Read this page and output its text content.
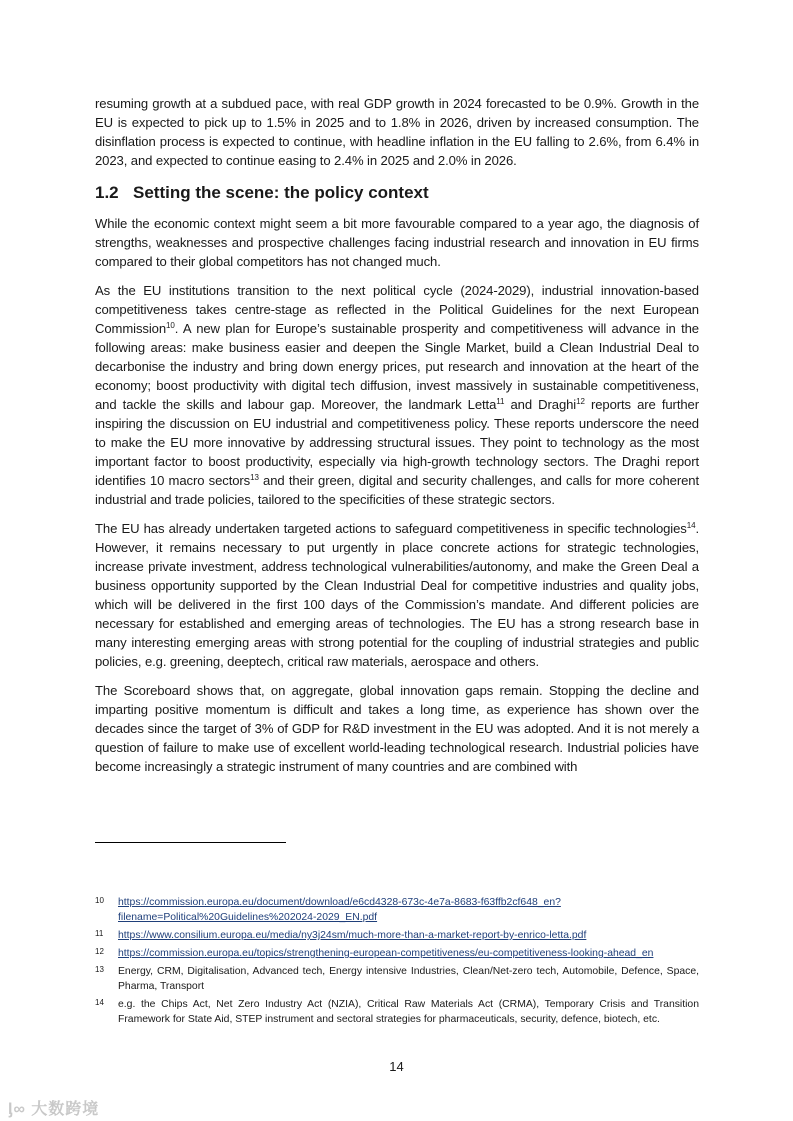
resuming growth at a subdued pace, with real GDP growth in 2024 forecasted to be 0.9%. Growth in the EU is expected to pick up to 1.5% in 2025 and to 1.8% in 2026, driven by increased consumption. The disinflation process is expected to continue, with headline inflation in the EU falling to 2.6%, from 6.4% in 2023, and expected to continue easing to 2.4% in 2025 and 2.0% in 2026.

1.2 Setting the scene: the policy context

While the economic context might seem a bit more favourable compared to a year ago, the diagnosis of strengths, weaknesses and prospective challenges facing industrial research and innovation in EU firms compared to their global competitors has not changed much.

As the EU institutions transition to the next political cycle (2024-2029), industrial innovation-based competitiveness takes centre-stage as reflected in the Political Guidelines for the next European Commission$^{10}$. A new plan for Europe’s sustainable prosperity and competitiveness will advance in the following areas: make business easier and deepen the Single Market, build a Clean Industrial Deal to decarbonise the industry and bring down energy prices, put research and innovation at the heart of the economy; boost productivity with digital tech diffusion, invest massively in sustainable competitiveness, and tackle the skills and labour gap. Moreover, the landmark Letta$^{11}$ and Draghi$^{12}$ reports are further inspiring the discussion on EU industrial and competitiveness policy. These reports underscore the need to make the EU more innovative by addressing structural issues. They point to technology as the most important factor to boost productivity, especially via high-growth technology sectors. The Draghi report identifies 10 macro sectors$^{13}$ and their green, digital and security challenges, and calls for more coherent industrial and trade policies, tailored to the specificities of these strategic sectors.

The EU has already undertaken targeted actions to safeguard competitiveness in specific technologies$^{14}$. However, it remains necessary to put urgently in place concrete actions for strategic technologies, increase private investment, address technological vulnerabilities/autonomy, and make the Green Deal a business opportunity supported by the Clean Industrial Deal for competitive industries and quality jobs, which will be delivered in the first 100 days of the Commission’s mandate. And different policies are necessary for established and emerging areas of technologies. The EU has a strong research base in many interesting emerging areas with strong potential for the coupling of industrial strategies and public policies, e.g. greening, deeptech, critical raw materials, aerospace and others.

The Scoreboard shows that, on aggregate, global innovation gaps remain. Stopping the decline and imparting positive momentum is difficult and takes a long time, as experience has shown over the decades since the target of 3% of GDP for R&D investment in the EU was adopted. And it is not merely a question of failure to make use of excellent world-leading technological research. Industrial policies have become increasingly a strategic instrument of many countries and are combined with

10	https://commission.europa.eu/document/download/e6cd4328-673c-4e7a-8683-f63ffb2cf648_en?filename=Political%20Guidelines%202024-2029_EN.pdf
11	https://www.consilium.europa.eu/media/ny3j24sm/much-more-than-a-market-report-by-enrico-letta.pdf
12	https://commission.europa.eu/topics/strengthening-european-competitiveness/eu-competitiveness-looking-ahead_en
13	Energy, CRM, Digitalisation, Advanced tech, Energy intensive Industries, Clean/Net-zero tech, Automobile, Defence, Space, Pharma, Transport
14	e.g. the Chips Act, Net Zero Industry Act (NZIA), Critical Raw Materials Act (CRMA), Temporary Crisis and Transition Framework for State Aid, STEP instrument and sectoral strategies for pharmaceuticals, security, defence, biotech, etc.
14
ᶅ∞ 大数跨境
